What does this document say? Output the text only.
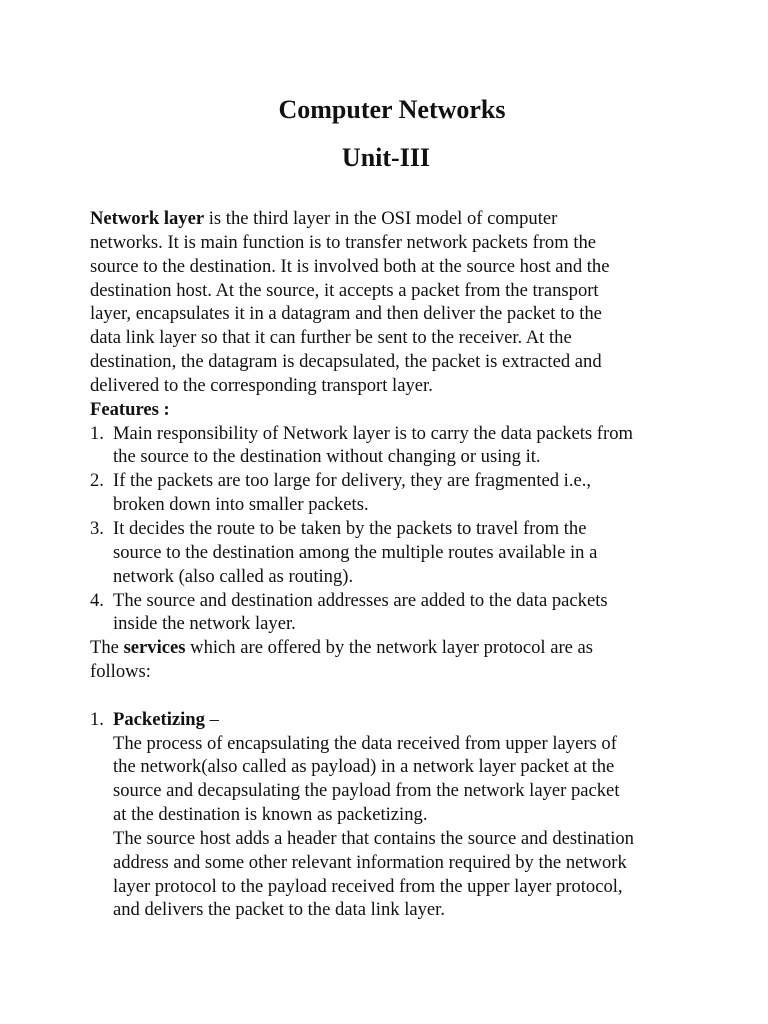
Computer Networks
Unit-III
Network layer is the third layer in the OSI model of computer
networks. It is main function is to transfer network packets from the
source to the destination. It is involved both at the source host and the
destination host. At the source, it accepts a packet from the transport
layer, encapsulates it in a datagram and then deliver the packet to the
data link layer so that it can further be sent to the receiver. At the
destination, the datagram is decapsulated, the packet is extracted and
delivered to the corresponding transport layer.
Features :
1. Main responsibility of Network layer is to carry the data packets from
the source to the destination without changing or using it.
2. If the packets are too large for delivery, they are fragmented i.e.,
broken down into smaller packets.
3. It decides the route to be taken by the packets to travel from the
source to the destination among the multiple routes available in a
network (also called as routing).
4. The source and destination addresses are added to the data packets
inside the network layer.
The services which are offered by the network layer protocol are as
follows:
1. Packetizing –
The process of encapsulating the data received from upper layers of
the network(also called as payload) in a network layer packet at the
source and decapsulating the payload from the network layer packet
at the destination is known as packetizing.
The source host adds a header that contains the source and destination
address and some other relevant information required by the network
layer protocol to the payload received from the upper layer protocol,
and delivers the packet to the data link layer.
